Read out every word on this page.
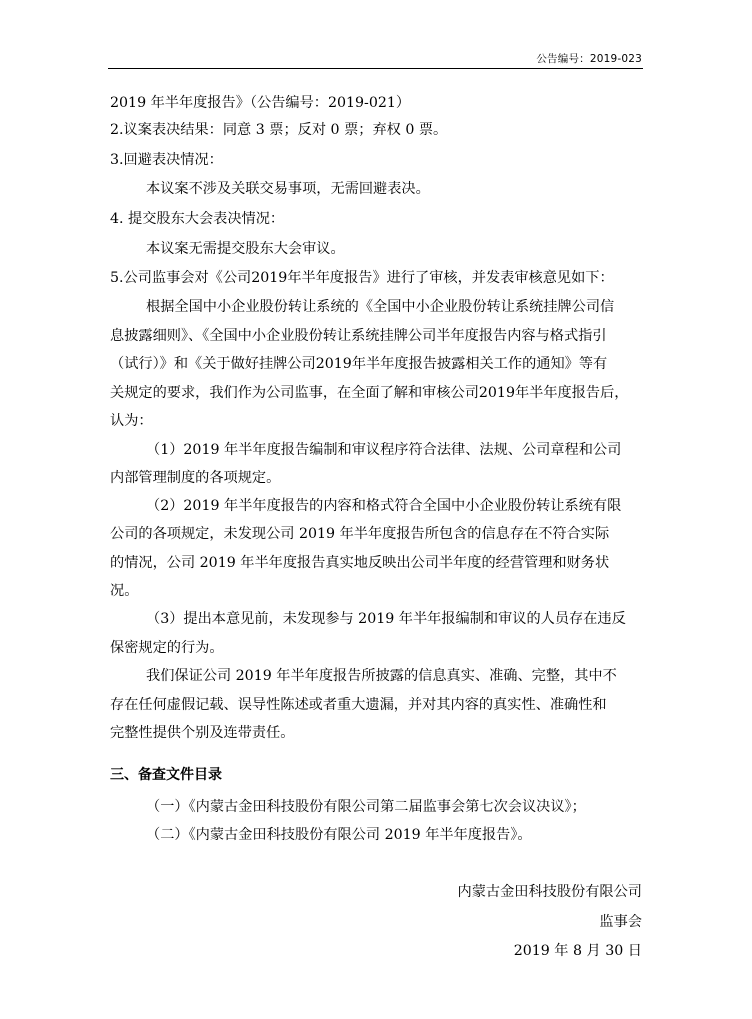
公告编号：2019-023
2019 年半年度报告》（公告编号：2019-021）
2.议案表决结果：同意 3 票；反对 0 票；弃权 0 票。
3.回避表决情况：
本议案不涉及关联交易事项，无需回避表决。
4. 提交股东大会表决情况：
本议案无需提交股东大会审议。
5.公司监事会对《公司2019年半年度报告》进行了审核，并发表审核意见如下：
根据全国中小企业股份转让系统的《全国中小企业股份转让系统挂牌公司信
息披露细则》、《全国中小企业股份转让系统挂牌公司半年度报告内容与格式指引
（试行）》和《关于做好挂牌公司2019年半年度报告披露相关工作的通知》等有
关规定的要求，我们作为公司监事，在全面了解和审核公司2019年半年度报告后，
认为：
（1）2019 年半年度报告编制和审议程序符合法律、法规、公司章程和公司
内部管理制度的各项规定。
（2）2019 年半年度报告的内容和格式符合全国中小企业股份转让系统有限
公司的各项规定，未发现公司 2019 年半年度报告所包含的信息存在不符合实际
的情况，公司 2019 年半年度报告真实地反映出公司半年度的经营管理和财务状
况。
（3）提出本意见前，未发现参与 2019 年半年报编制和审议的人员存在违反
保密规定的行为。
我们保证公司 2019 年半年度报告所披露的信息真实、准确、完整，其中不
存在任何虚假记载、误导性陈述或者重大遗漏，并对其内容的真实性、准确性和
完整性提供个别及连带责任。
三、备查文件目录
（一）《内蒙古金田科技股份有限公司第二届监事会第七次会议决议》；
（二）《内蒙古金田科技股份有限公司 2019 年半年度报告》。
内蒙古金田科技股份有限公司
监事会
2019 年 8 月 30 日
